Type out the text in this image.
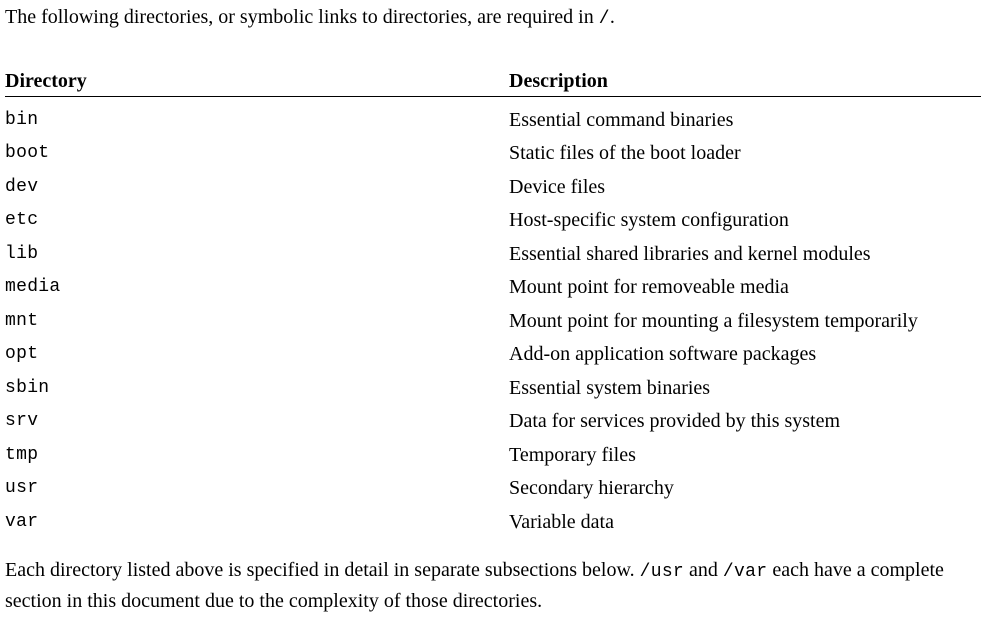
The following directories, or symbolic links to directories, are required in /.

Directory	Description
bin	Essential command binaries
boot	Static files of the boot loader
dev	Device files
etc	Host-specific system configuration
lib	Essential shared libraries and kernel modules
media	Mount point for removeable media
mnt	Mount point for mounting a filesystem temporarily
opt	Add-on application software packages
sbin	Essential system binaries
srv	Data for services provided by this system
tmp	Temporary files
usr	Secondary hierarchy
var	Variable data

Each directory listed above is specified in detail in separate subsections below. /usr and /var each have a complete section in this document due to the complexity of those directories.
